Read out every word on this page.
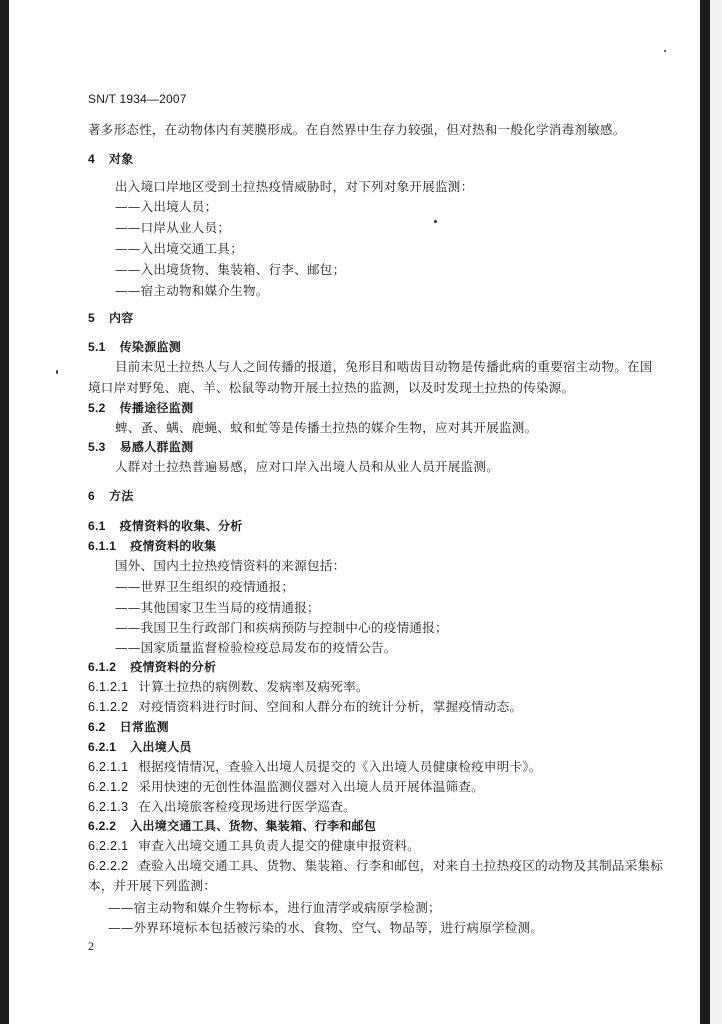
SN/T 1934—2007
著多形态性，在动物体内有荚膜形成。在自然界中生存力较强，但对热和一般化学消毒剂敏感。
4 对象
出入境口岸地区受到土拉热疫情威胁时，对下列对象开展监测：
——入出境人员；
——口岸从业人员；
——入出境交通工具；
——入出境货物、集装箱、行李、邮包；
——宿主动物和媒介生物。
5 内容
5.1 传染源监测
目前未见土拉热人与人之间传播的报道，兔形目和啮齿目动物是传播此病的重要宿主动物。在国
境口岸对野兔、鹿、羊、松鼠等动物开展土拉热的监测，以及时发现土拉热的传染源。
5.2 传播途径监测
蜱、蚤、螨、鹿蝇、蚊和虻等是传播土拉热的媒介生物，应对其开展监测。
5.3 易感人群监测
人群对土拉热普遍易感，应对口岸入出境人员和从业人员开展监测。
6 方法
6.1 疫情资料的收集、分析
6.1.1 疫情资料的收集
国外、国内土拉热疫情资料的来源包括：
——世界卫生组织的疫情通报；
——其他国家卫生当局的疫情通报；
——我国卫生行政部门和疾病预防与控制中心的疫情通报；
——国家质量监督检验检疫总局发布的疫情公告。
6.1.2 疫情资料的分析
6.1.2.1 计算土拉热的病例数、发病率及病死率。
6.1.2.2 对疫情资料进行时间、空间和人群分布的统计分析，掌握疫情动态。
6.2 日常监测
6.2.1 入出境人员
6.2.1.1 根据疫情情况，查验入出境人员提交的《入出境人员健康检疫申明卡》。
6.2.1.2 采用快速的无创性体温监测仪器对入出境人员开展体温筛查。
6.2.1.3 在入出境旅客检疫现场进行医学巡查。
6.2.2 入出境交通工具、货物、集装箱、行李和邮包
6.2.2.1 审查入出境交通工具负责人提交的健康申报资料。
6.2.2.2 查验入出境交通工具、货物、集装箱、行李和邮包，对来自土拉热疫区的动物及其制品采集标
本，并开展下列监测：
——宿主动物和媒介生物标本，进行血清学或病原学检测；
——外界环境标本包括被污染的水、食物、空气、物品等，进行病原学检测。
2
